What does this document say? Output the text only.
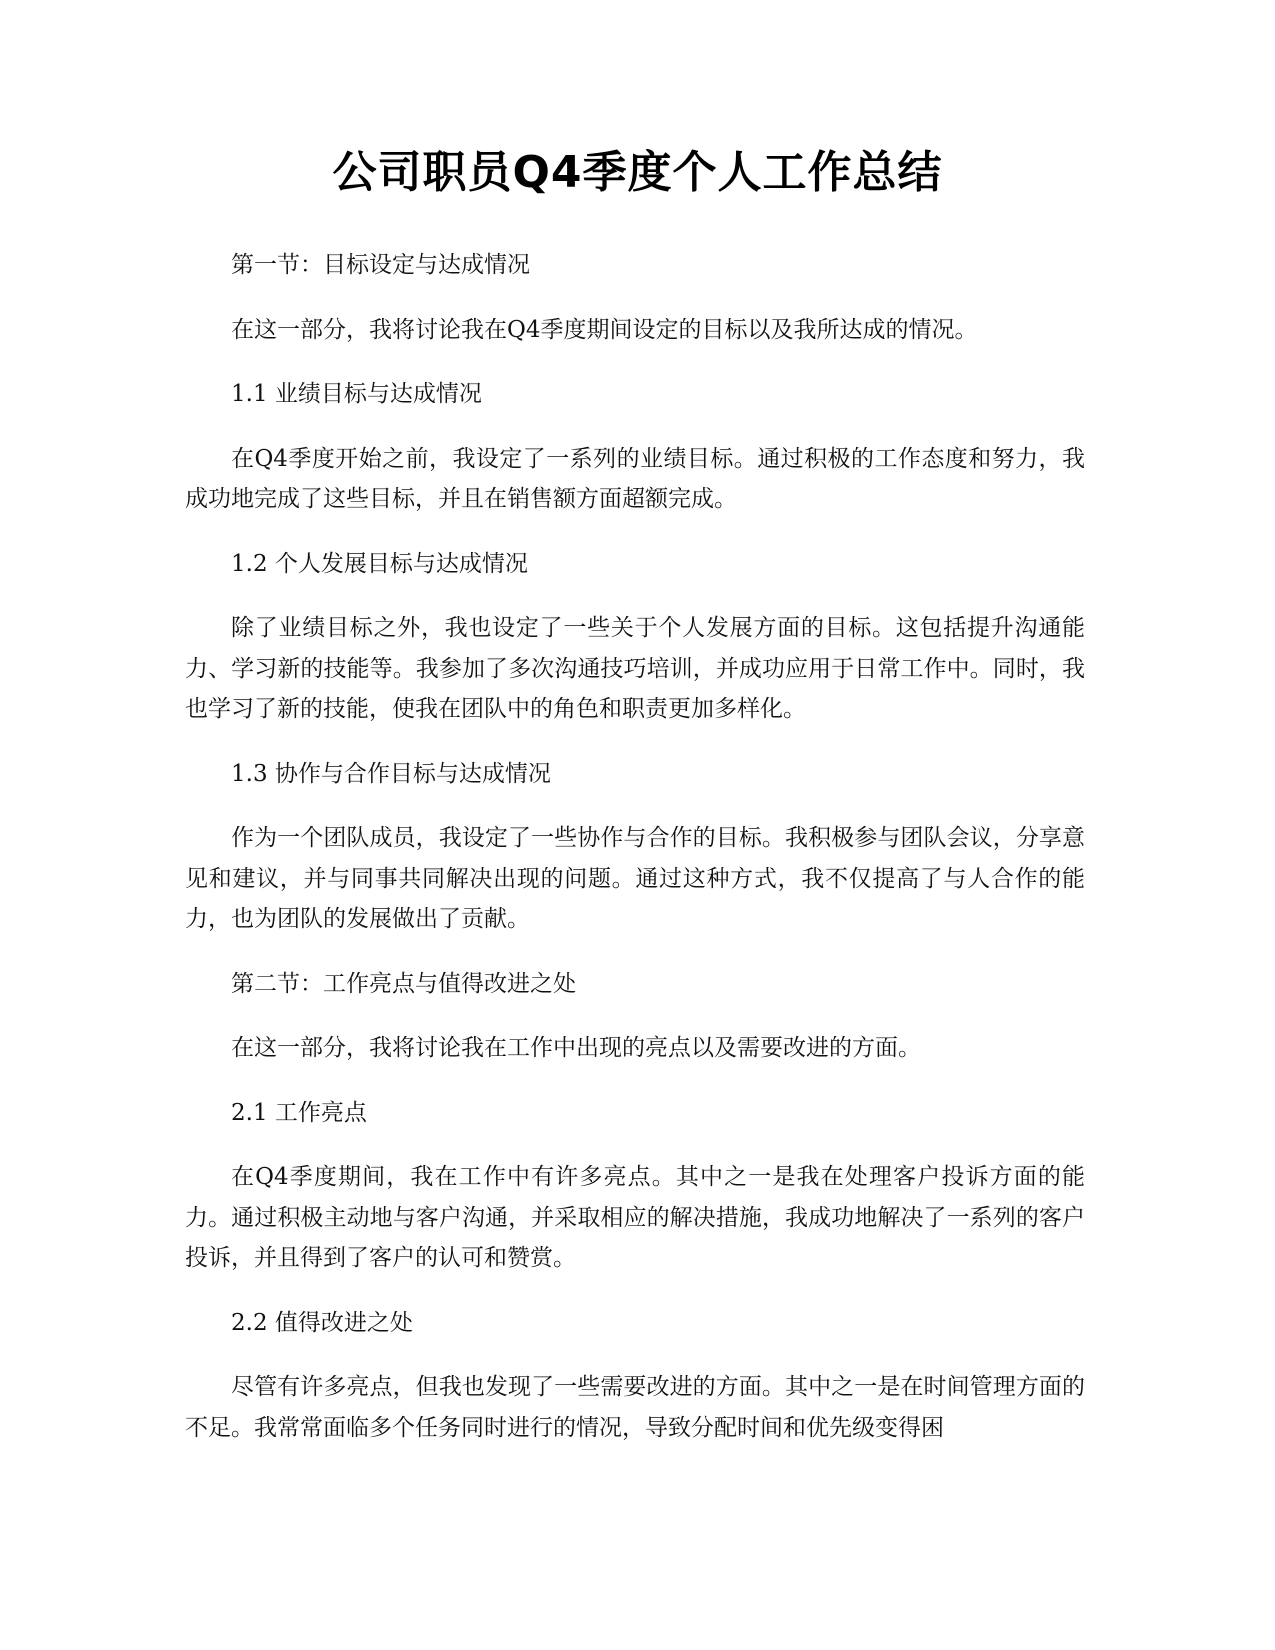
公司职员Q4季度个人工作总结
第一节：目标设定与达成情况
在这一部分，我将讨论我在Q4季度期间设定的目标以及我所达成的情况。
1.1 业绩目标与达成情况
在Q4季度开始之前，我设定了一系列的业绩目标。通过积极的工作态度和努力，我成功地完成了这些目标，并且在销售额方面超额完成。
1.2 个人发展目标与达成情况
除了业绩目标之外，我也设定了一些关于个人发展方面的目标。这包括提升沟通能力、学习新的技能等。我参加了多次沟通技巧培训，并成功应用于日常工作中。同时，我也学习了新的技能，使我在团队中的角色和职责更加多样化。
1.3 协作与合作目标与达成情况
作为一个团队成员，我设定了一些协作与合作的目标。我积极参与团队会议，分享意见和建议，并与同事共同解决出现的问题。通过这种方式，我不仅提高了与人合作的能力，也为团队的发展做出了贡献。
第二节：工作亮点与值得改进之处
在这一部分，我将讨论我在工作中出现的亮点以及需要改进的方面。
2.1 工作亮点
在Q4季度期间，我在工作中有许多亮点。其中之一是我在处理客户投诉方面的能力。通过积极主动地与客户沟通，并采取相应的解决措施，我成功地解决了一系列的客户投诉，并且得到了客户的认可和赞赏。
2.2 值得改进之处
尽管有许多亮点，但我也发现了一些需要改进的方面。其中之一是在时间管理方面的不足。我常常面临多个任务同时进行的情况，导致分配时间和优先级变得困
